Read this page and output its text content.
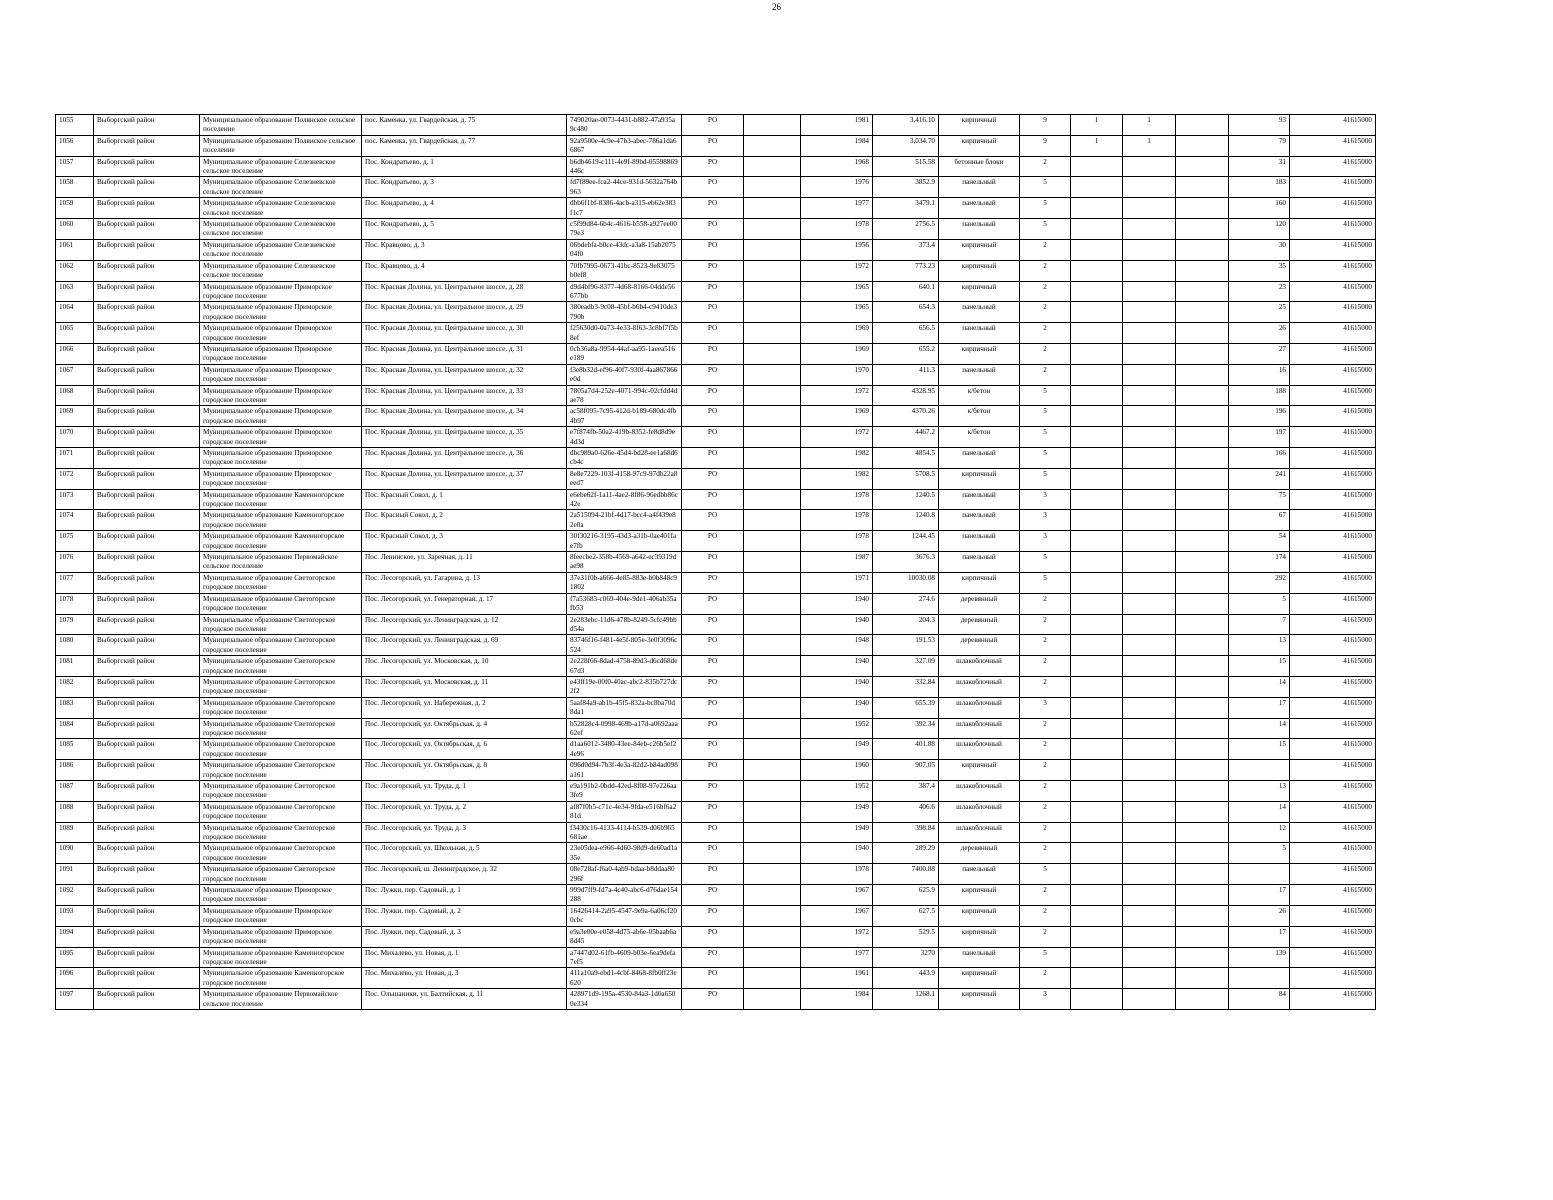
26
1055	Выборгский район	Муниципальное образование Полянское сельское поселение	пос. Каменка, ул. Гвардейская, д. 75	749020ae-0073-4431-b882-47a935a9c480	РО		1981	3,416.10	кирпичный	9	1	1		93	41615000
1056	Выборгский район	Муниципальное образование Полянское сельское поселение	пос. Каменка, ул. Гвардейская, д. 77	92a9500e-4c9e-47b3-abec-786a1da66867	РО		1984	3,034.70	кирпичный	9	1	1		79	41615000
1057	Выборгский район	Муниципальное образование Селезневское сельское поселение	Пос. Кондратьево, д. 1	b6db4619-c111-4e9f-89bd-05598869446c	РО		1968	515.58	бетонные блоки	2				31	41615000
1058	Выборгский район	Муниципальное образование Селезневское сельское поселение	Пос. Кондратьево, д. 3	fd7f89ee-fca2-44ce-931d-5632a764b963	РО		1976	3852.9	панельный	5				183	41615000
1059	Выборгский район	Муниципальное образование Селезневское сельское поселение	Пос. Кондратьево, д. 4	dbb6f1bf-8386-4acb-a315-eb62e383f1c7	РО		1977	3479.1	панельный	5				160	41615000
1060	Выборгский район	Муниципальное образование Селезневское сельское поселение	Пос. Кондратьево, д. 5	c5f99d84-6b4c-4616-b558-a927ee0079e3	РО		1978	2756.5	панельный	5				120	41615000
1061	Выборгский район	Муниципальное образование Селезневское сельское поселение	Пос. Кравцово, д. 3	06bdebfa-b0ce-43dc-a3a8-15ab207504f0	РО		1956	373.4	кирпичный	2				30	41615000
1062	Выборгский район	Муниципальное образование Селезневское сельское поселение	Пос. Кравцово, д. 4	70fb7995-0673-41bc-8523-9e83075b0ef8	РО		1972	773.23	кирпичный	2				35	41615000
1063	Выборгский район	Муниципальное образование Приморское городское поселение	Пос. Красная Долина, ул. Центральное шоссе, д. 28	d9d4bf96-8377-4d68-8166-04dde56677bb	РО		1965	640.1	кирпичный	2				23	41615000
1064	Выборгский район	Муниципальное образование Приморское городское поселение	Пос. Красная Долина, ул. Центральное шоссе, д. 29	380eadb3-9c08-45bf-b6b4-c9410de3790b	РО		1965	654.3	панельный	2				25	41615000
1065	Выборгский район	Муниципальное образование Приморское городское поселение	Пос. Красная Долина, ул. Центральное шоссе, д. 30	f25630d0-0a73-4e33-8f63-3c8bf7f5b8ef	РО		1969	656.5	панельный	2				26	41615000
1066	Выборгский район	Муниципальное образование Приморское городское поселение	Пос. Красная Долина, ул. Центральное шоссе, д. 31	0cb36a8a-9954-44af-aa95-1aeea516e189	РО		1969	655.2	кирпичный	2				27	41615000
1067	Выборгский район	Муниципальное образование Приморское городское поселение	Пос. Красная Долина, ул. Центральное шоссе, д. 32	f3e8b32d-ef96-40f7-930f-4aa867866e0d	РО		1970	411.3	панельный	2				16	41615000
1068	Выборгский район	Муниципальное образование Приморское городское поселение	Пос. Красная Долина, ул. Центральное шоссе, д. 33	7805a7d4-252e-4071-994c-02cfdd4dae78	РО		1972	4328.95	к/бетон	5				188	41615000
1069	Выборгский район	Муниципальное образование Приморское городское поселение	Пос. Красная Долина, ул. Центральное шоссе, д. 34	ac58f095-7c95-412d-b189-680dc4fb4b97	РО		1969	4370.26	к/бетон	5				196	41615000
1070	Выборгский район	Муниципальное образование Приморское городское поселение	Пос. Красная Долина, ул. Центральное шоссе, д. 35	e7f874fb-50a2-419b-8352-fe8d8d9e4d3d	РО		1972	4467.2	к/бетон	5				197	41615000
1071	Выборгский район	Муниципальное образование Приморское городское поселение	Пос. Красная Долина, ул. Центральное шоссе, д. 36	dbc989a0-626e-45d4-bd28-ee1a68d6cb4c	РО		1982	4854.5	панельный	5				166	41615000
1072	Выборгский район	Муниципальное образование Приморское городское поселение	Пос. Красная Долина, ул. Центральное шоссе, д. 37	8e8e7229-103f-4158-97c9-97db22a8eed7	РО		1982	5708.5	кирпичный	5				241	41615000
1073	Выборгский район	Муниципальное образование Каменногорское городское поселение	Пос. Красный Сокол, д. 1	e6ebe62f-1a11-4ae2-8f86-96edbb86c42e	РО		1978	1240.5	панельный	3				75	41615000
1074	Выборгский район	Муниципальное образование Каменногорское городское поселение	Пос. Красный Сокол, д. 2	2a515094-21bf-4d17-bcc4-a4f439e82e0a	РО		1978	1240.8	панельный	3				67	41615000
1075	Выборгский район	Муниципальное образование Каменногорское городское поселение	Пос. Красный Сокол, д. 3	30f30216-3195-43d3-a31b-0ae401fae7fb	РО		1978	1244.45	панельный	3				54	41615000
1076	Выборгский район	Муниципальное образование Первомайское сельское поселение	Пос. Ленинское, ул. Заречная, д. 11	8feecbe2-358b-4569-a642-ec39319dae98	РО		1987	3676.3	панельный	5				174	41615000
1077	Выборгский район	Муниципальное образование Светогорское городское поселение	Пос. Лесогорский, ул. Гагарина, д. 13	37e31f0b-a666-4e85-883e-b0b848c91802	РО		1971	10030.08	кирпичный	5				292	41615000
1078	Выборгский район	Муниципальное образование Светогорское городское поселение	Пос. Лесогорский, ул. Генераторная, д. 17	f7a53683-c069-404e-9de1-406ab35afb53	РО		1940	274.6	деревянный	2				5	41615000
1079	Выборгский район	Муниципальное образование Светогорское городское поселение	Пос. Лесогорский, ул. Ленинградская, д. 12	2e283ebc-11d6-478b-8249-5cfc49bbd54a	РО		1940	204.3	деревянный	2				7	41615000
1080	Выборгский район	Муниципальное образование Светогорское городское поселение	Пос. Лесогорский, ул. Ленинградская, д. 69	83746f16-f481-4e5f-805e-3e0f3096c524	РО		1948	191.53	деревянный	2				13	41615000
1081	Выборгский район	Муниципальное образование Светогорское городское поселение	Пос. Лесогорский, ул. Московская, д. 10	2e228f66-8dad-4758-89d3-d6cd68de67d3	РО		1940	327.09	шлакоблочный	2				15	41615000
1082	Выборгский район	Муниципальное образование Светогорское городское поселение	Пос. Лесогорский, ул. Московская, д. 11	e43ff19e-00f0-40ac-abc2-835b727dc2f2	РО		1940	332.84	шлакоблочный	2				14	41615000
1083	Выборгский район	Муниципальное образование Светогорское городское поселение	Пос. Лесогорский, ул. Набережная, д. 2	5aaf84a9-ab1b-45f5-832a-bc8ba70d8da1	РО		1940	655.39	шлакоблочный	3				17	41615000
1084	Выборгский район	Муниципальное образование Светогорское городское поселение	Пос. Лесогорский, ул. Октябрьская, д. 4	b52828c4-0998-469b-a17d-a0692aaa62ef	РО		1952	392.34	шлакоблочный	2				14	41615000
1085	Выборгский район	Муниципальное образование Светогорское городское поселение	Пос. Лесогорский, ул. Октябрьская, д. 6	d1aa6012-3480-43ee-84eb-c26b5ef24e96	РО		1949	401.88	шлакоблочный	2				15	41615000
1086	Выборгский район	Муниципальное образование Светогорское городское поселение	Пос. Лесогорский, ул. Октябрьская, д. 8	096d0d94-7b3f-4e3a-82d2-b84ad098a161	РО		1960	907.05	кирпичный	2					41615000
1087	Выборгский район	Муниципальное образование Светогорское городское поселение	Пос. Лесогорский, ул. Труда, д. 1	e9a191b2-0bdd-42ed-8f08-97e226aa3fe9	РО		1952	387.4	шлакоблочный	2				13	41615000
1088	Выборгский район	Муниципальное образование Светогорское городское поселение	Пос. Лесогорский, ул. Труда, д. 2	af87f0b5-c71c-4e34-9fda-e516bf6a281d	РО		1949	406.6	шлакоблочный	2				14	41615000
1089	Выборгский район	Муниципальное образование Светогорское городское поселение	Пос. Лесогорский, ул. Труда, д. 3	f3430c16-4133-4114-b539-d06b965681ae	РО		1949	398.84	шлакоблочный	2				12	41615000
1090	Выборгский район	Муниципальное образование Светогорское городское поселение	Пос. Лесогорский, ул. Школьная, д. 5	23e05dea-e966-4d60-98d9-de60ad1a35e	РО		1940	289.29	деревянный	2				5	41615000
1091	Выборгский район	Муниципальное образование Светогорское городское поселение	Пос. Лесогорский, ш. Ленинградское, д. 32	08e728af-f6a0-4ab9-bdaa-b8ddaa80296f	РО		1978	7400.88	панельный	5					41615000
1092	Выборгский район	Муниципальное образование Приморское городское поселение	Пос. Лужки, пер. Садовый, д. 1	999d7ff9-fd7a-4c40-abc6-d76dae154288	РО		1967	625.9	кирпичный	2				17	41615000
1093	Выборгский район	Муниципальное образование Приморское городское поселение	Пос. Лужки, пер. Садовый, д. 2	16426414-2a95-4547-9e9a-6a06cf200cbc	РО		1967	627.5	кирпичный	2				26	41615000
1094	Выборгский район	Муниципальное образование Приморское городское поселение	Пос. Лужки, пер. Садовый, д. 3	e9a3e00e-e058-4d75-ab6e-05baab6a8d45	РО		1972	529.5	кирпичный	2				17	41615000
1095	Выборгский район	Муниципальное образование Каменногорское городское поселение	Пос. Михалево, ул. Новая, д. 1	a7447d02-61fb-4609-b03e-6ea9defa7ef5	РО		1977	3270	панельный	5				139	41615000
1096	Выборгский район	Муниципальное образование Каменногорское городское поселение	Пос. Михалево, ул. Новая, д. 3	411a10a9-ebd1-4cbf-8468-8fb0ff23e620	РО		1961	443.9	кирпичный	2					41615000
1097	Выборгский район	Муниципальное образование Первомайское сельское поселение	Пос. Ольшаники, ул. Балтийская, д. 11	428971d9-195a-4530-84a3-1d0a6500e334	РО		1984	1268.1	кирпичный	3				84	41615000
